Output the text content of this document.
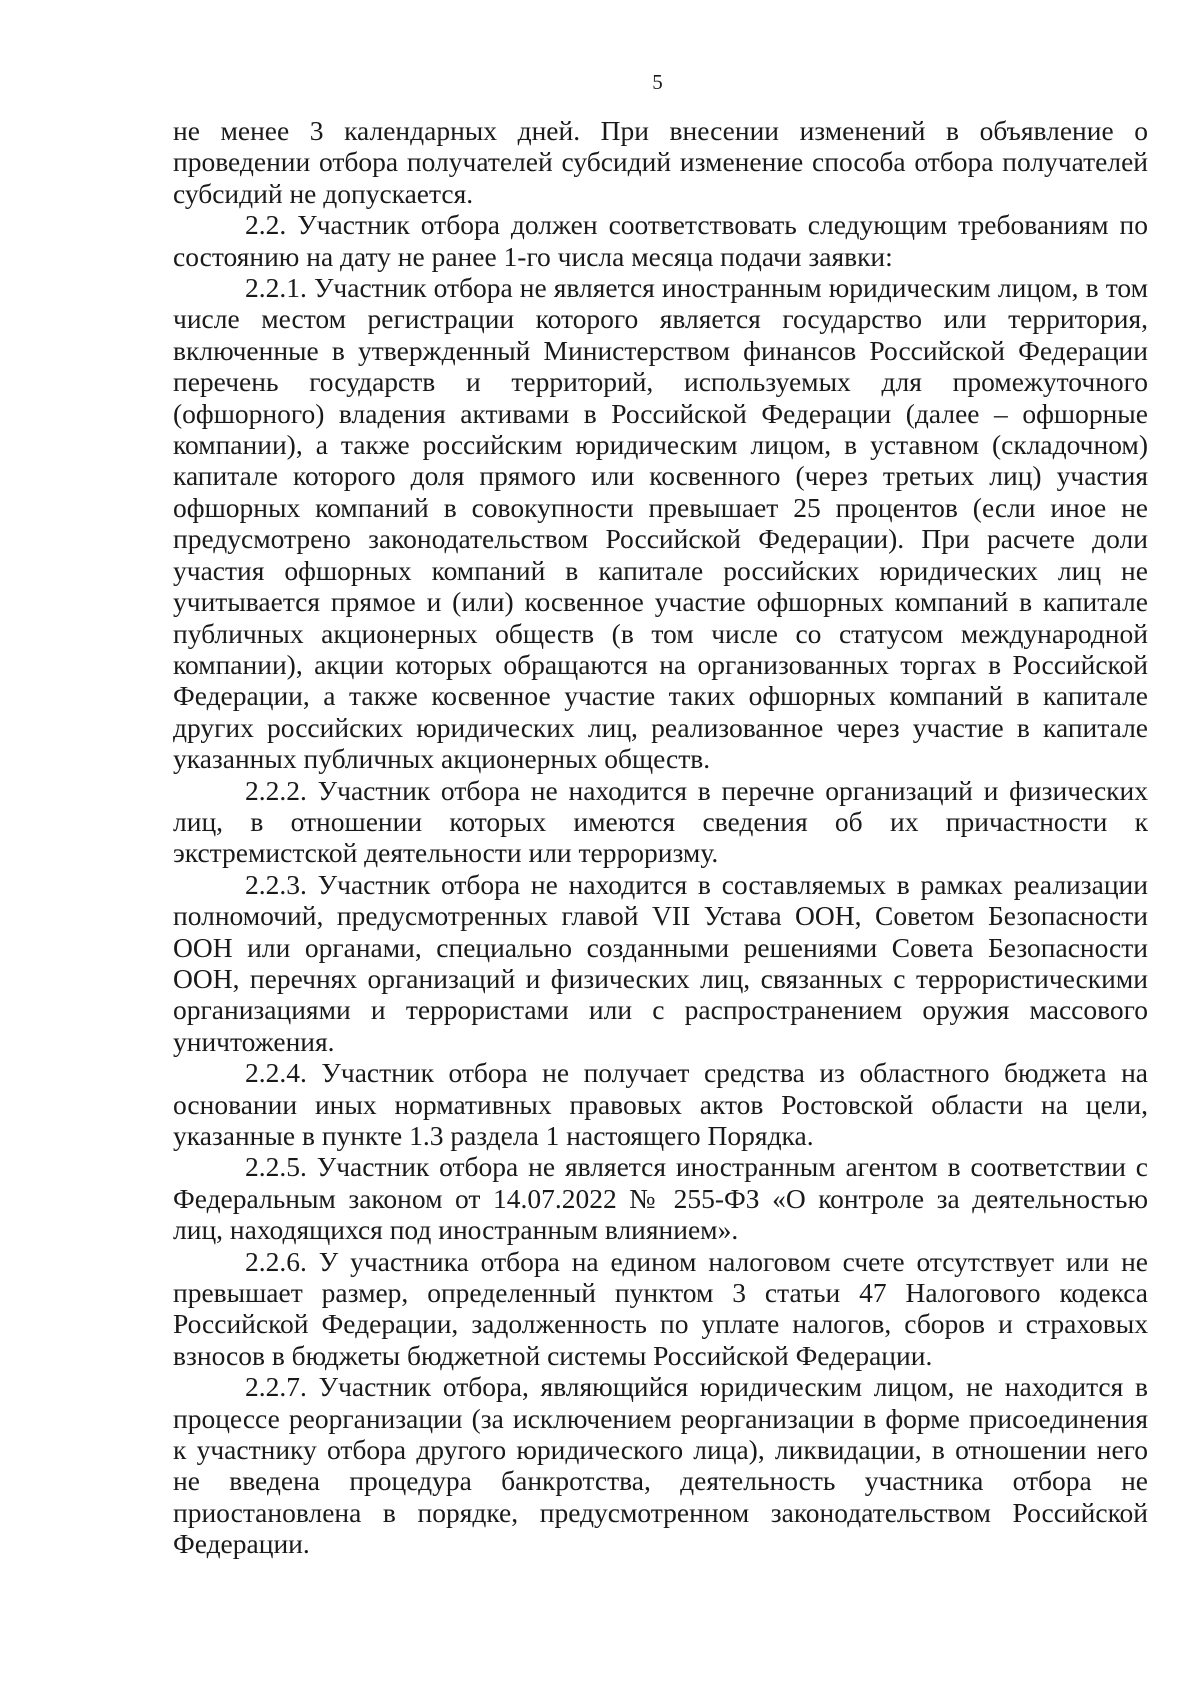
5

не менее 3 календарных дней. При внесении изменений в объявление о проведении отбора получателей субсидий изменение способа отбора получателей субсидий не допускается.

2.2. Участник отбора должен соответствовать следующим требованиям по состоянию на дату не ранее 1-го числа месяца подачи заявки:

2.2.1. Участник отбора не является иностранным юридическим лицом, в том числе местом регистрации которого является государство или территория, включенные в утвержденный Министерством финансов Российской Федерации перечень государств и территорий, используемых для промежуточного (офшорного) владения активами в Российской Федерации (далее – офшорные компании), а также российским юридическим лицом, в уставном (складочном) капитале которого доля прямого или косвенного (через третьих лиц) участия офшорных компаний в совокупности превышает 25 процентов (если иное не предусмотрено законодательством Российской Федерации). При расчете доли участия офшорных компаний в капитале российских юридических лиц не учитывается прямое и (или) косвенное участие офшорных компаний в капитале публичных акционерных обществ (в том числе со статусом международной компании), акции которых обращаются на организованных торгах в Российской Федерации, а также косвенное участие таких офшорных компаний в капитале других российских юридических лиц, реализованное через участие в капитале указанных публичных акционерных обществ.

2.2.2. Участник отбора не находится в перечне организаций и физических лиц, в отношении которых имеются сведения об их причастности к экстремистской деятельности или терроризму.

2.2.3. Участник отбора не находится в составляемых в рамках реализации полномочий, предусмотренных главой VII Устава ООН, Советом Безопасности ООН или органами, специально созданными решениями Совета Безопасности ООН, перечнях организаций и физических лиц, связанных с террористическими организациями и террористами или с распространением оружия массового уничтожения.

2.2.4. Участник отбора не получает средства из областного бюджета на основании иных нормативных правовых актов Ростовской области на цели, указанные в пункте 1.3 раздела 1 настоящего Порядка.

2.2.5. Участник отбора не является иностранным агентом в соответствии с Федеральным законом от 14.07.2022 № 255-ФЗ «О контроле за деятельностью лиц, находящихся под иностранным влиянием».

2.2.6. У участника отбора на едином налоговом счете отсутствует или не превышает размер, определенный пунктом 3 статьи 47 Налогового кодекса Российской Федерации, задолженность по уплате налогов, сборов и страховых взносов в бюджеты бюджетной системы Российской Федерации.

2.2.7. Участник отбора, являющийся юридическим лицом, не находится в процессе реорганизации (за исключением реорганизации в форме присоединения к участнику отбора другого юридического лица), ликвидации, в отношении него не введена процедура банкротства, деятельность участника отбора не приостановлена в порядке, предусмотренном законодательством Российской Федерации.
